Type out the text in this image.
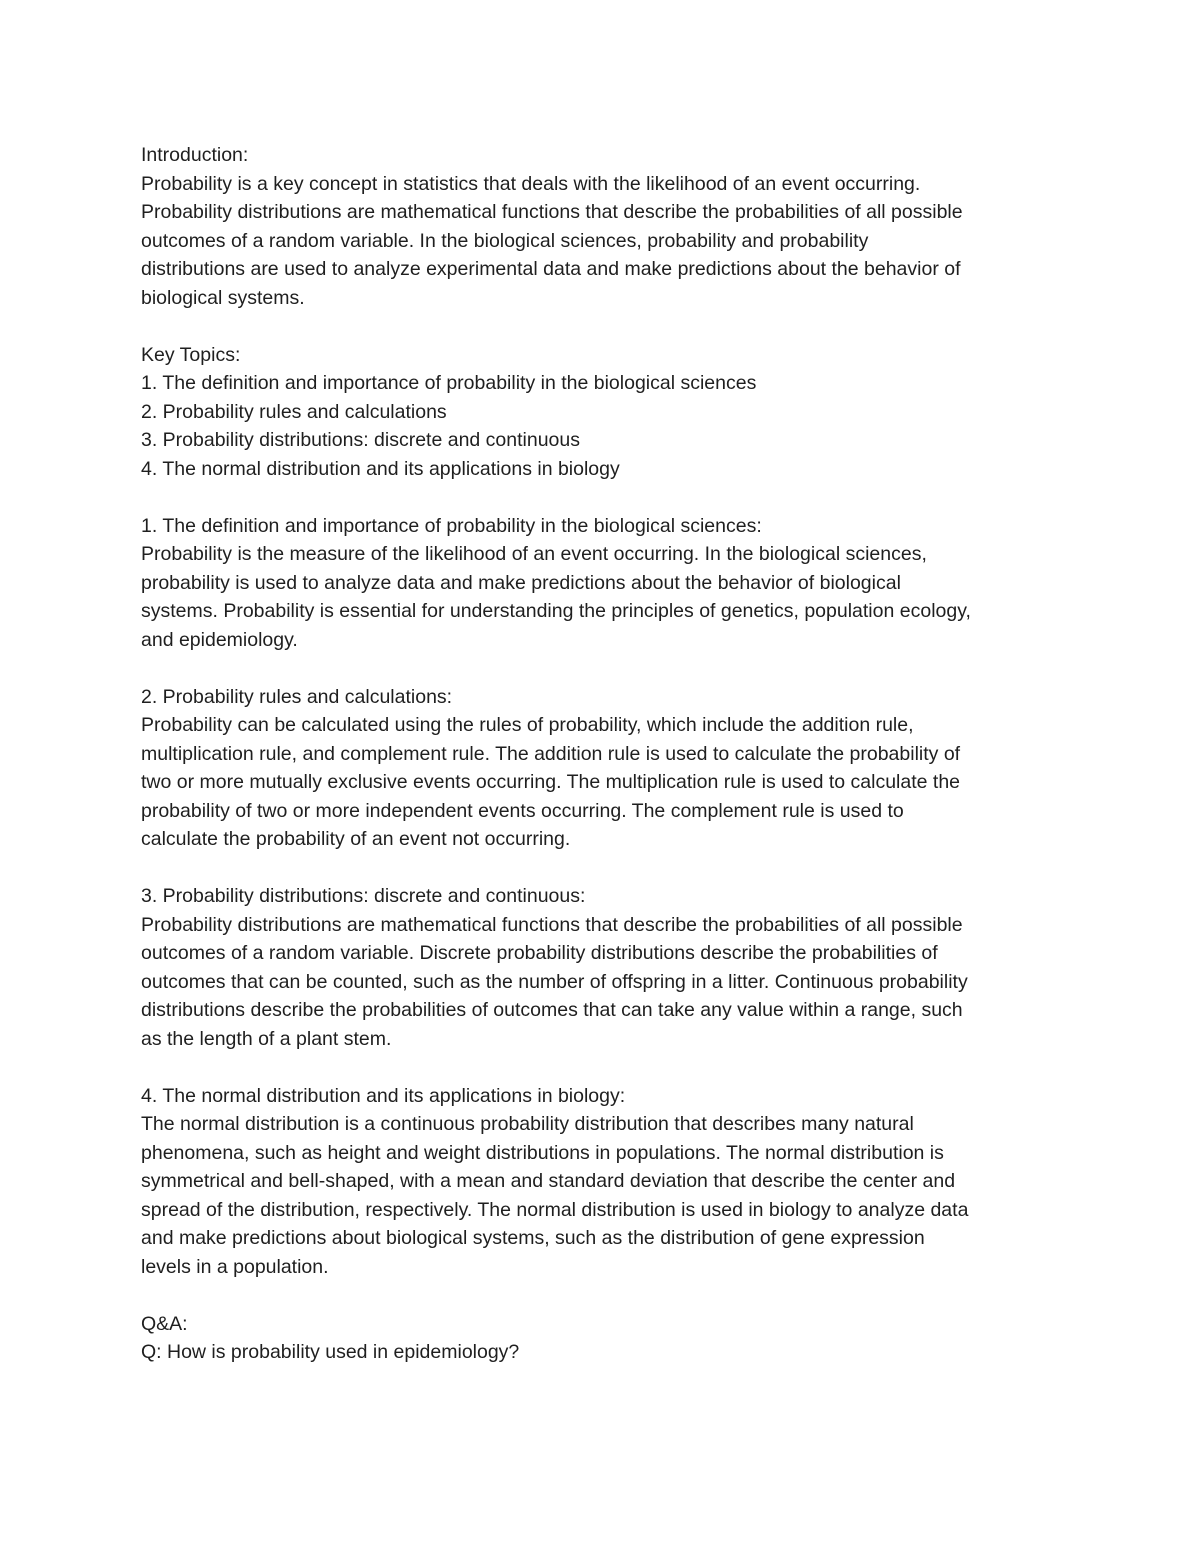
Introduction:
Probability is a key concept in statistics that deals with the likelihood of an event occurring.
Probability distributions are mathematical functions that describe the probabilities of all possible
outcomes of a random variable. In the biological sciences, probability and probability
distributions are used to analyze experimental data and make predictions about the behavior of
biological systems.
Key Topics:
1. The definition and importance of probability in the biological sciences
2. Probability rules and calculations
3. Probability distributions: discrete and continuous
4. The normal distribution and its applications in biology
1. The definition and importance of probability in the biological sciences:
Probability is the measure of the likelihood of an event occurring. In the biological sciences,
probability is used to analyze data and make predictions about the behavior of biological
systems. Probability is essential for understanding the principles of genetics, population ecology,
and epidemiology.
2. Probability rules and calculations:
Probability can be calculated using the rules of probability, which include the addition rule,
multiplication rule, and complement rule. The addition rule is used to calculate the probability of
two or more mutually exclusive events occurring. The multiplication rule is used to calculate the
probability of two or more independent events occurring. The complement rule is used to
calculate the probability of an event not occurring.
3. Probability distributions: discrete and continuous:
Probability distributions are mathematical functions that describe the probabilities of all possible
outcomes of a random variable. Discrete probability distributions describe the probabilities of
outcomes that can be counted, such as the number of offspring in a litter. Continuous probability
distributions describe the probabilities of outcomes that can take any value within a range, such
as the length of a plant stem.
4. The normal distribution and its applications in biology:
The normal distribution is a continuous probability distribution that describes many natural
phenomena, such as height and weight distributions in populations. The normal distribution is
symmetrical and bell-shaped, with a mean and standard deviation that describe the center and
spread of the distribution, respectively. The normal distribution is used in biology to analyze data
and make predictions about biological systems, such as the distribution of gene expression
levels in a population.
Q&A:
Q: How is probability used in epidemiology?
